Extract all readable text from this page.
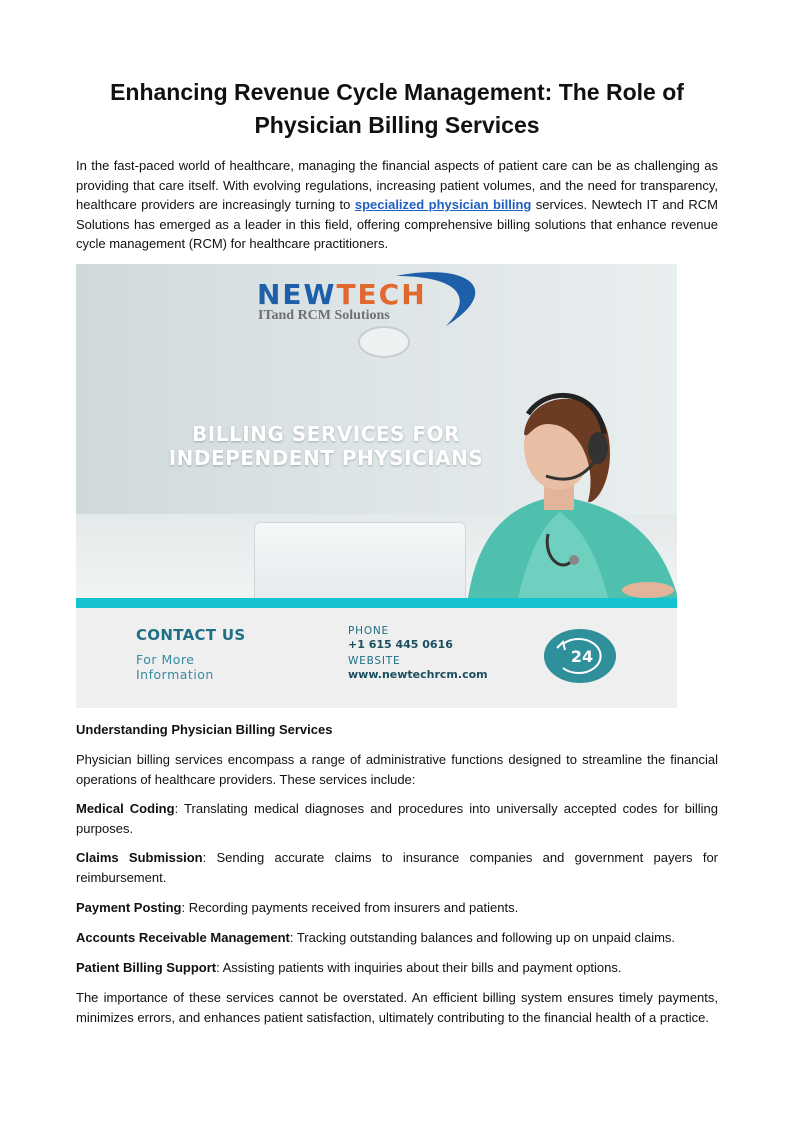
Enhancing Revenue Cycle Management: The Role of Physician Billing Services

In the fast-paced world of healthcare, managing the financial aspects of patient care can be as challenging as providing that care itself. With evolving regulations, increasing patient volumes, and the need for transparency, healthcare providers are increasingly turning to specialized physician billing services. Newtech IT and RCM Solutions has emerged as a leader in this field, offering comprehensive billing solutions that enhance revenue cycle management (RCM) for healthcare practitioners.

NEWTECH
ITand RCM Solutions
BILLING SERVICES FOR
INDEPENDENT PHYSICIANS
CONTACT US
For More
Information
PHONE
+1 615 445 0616
WEBSITE
www.newtechrcm.com
24
Understanding Physician Billing Services

Physician billing services encompass a range of administrative functions designed to streamline the financial operations of healthcare providers. These services include:

Medical Coding: Translating medical diagnoses and procedures into universally accepted codes for billing purposes.

Claims Submission: Sending accurate claims to insurance companies and government payers for reimbursement.

Payment Posting: Recording payments received from insurers and patients.

Accounts Receivable Management: Tracking outstanding balances and following up on unpaid claims.

Patient Billing Support: Assisting patients with inquiries about their bills and payment options.

The importance of these services cannot be overstated. An efficient billing system ensures timely payments, minimizes errors, and enhances patient satisfaction, ultimately contributing to the financial health of a practice.
